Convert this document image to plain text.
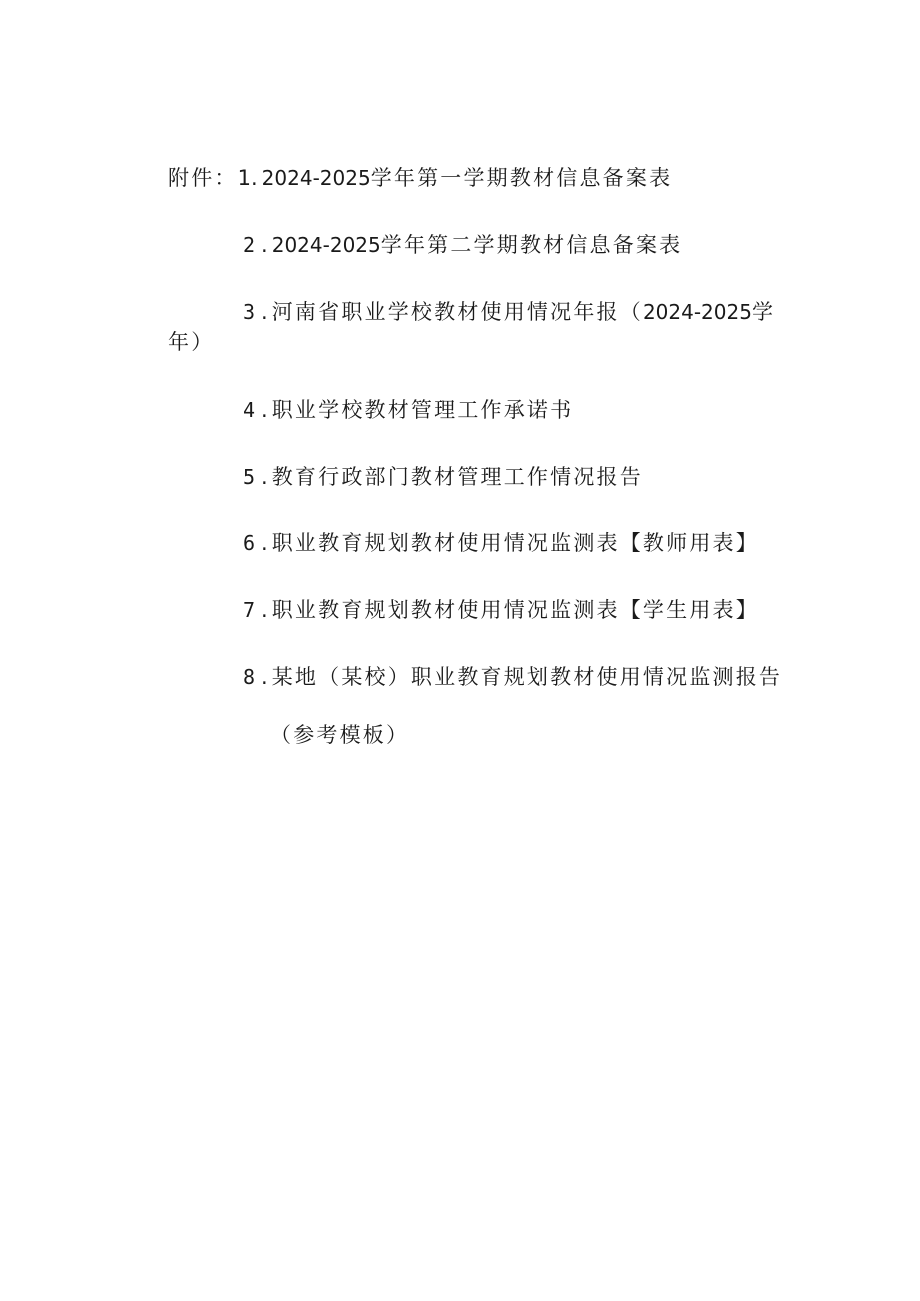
附件：1. 2024-2025学年第一学期教材信息备案表
2 . 2024-2025学年第二学期教材信息备案表
3 . 河南省职业学校教材使用情况年报（2024-2025学
年）
4 . 职业学校教材管理工作承诺书
5 . 教育行政部门教材管理工作情况报告
6 . 职业教育规划教材使用情况监测表【教师用表】
7 . 职业教育规划教材使用情况监测表【学生用表】
8 . 某地（某校）职业教育规划教材使用情况监测报告
（参考模板）
